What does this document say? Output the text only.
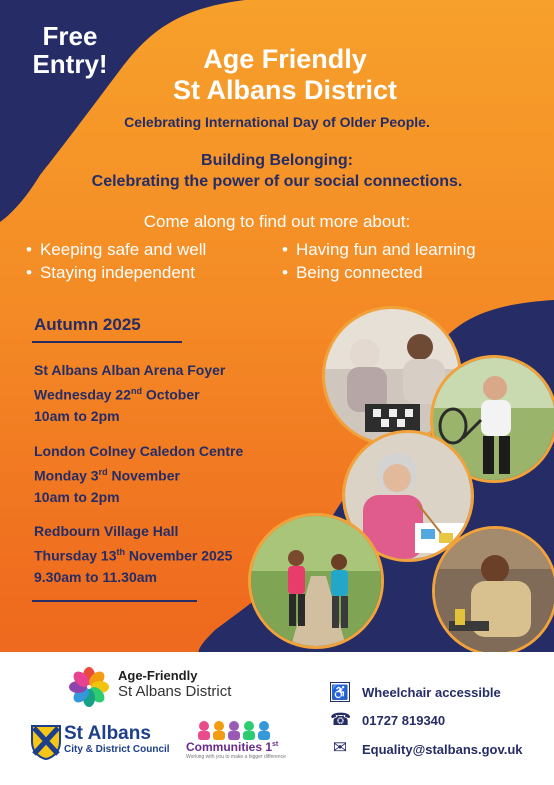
Free
Entry!	Age Friendly
St Albans District
Celebrating International Day of Older People.
Building Belonging:
Celebrating the power of our social connections.
Come along to find out more about:
• Keeping safe and well
• Staying independent
• Having fun and learning
• Being connected
Autumn 2025
St Albans Alban Arena Foyer
Wednesday 22nd October
10am to 2pm
London Colney Caledon Centre
Monday 3rd November
10am to 2pm
Redbourn Village Hall
Thursday 13th November 2025
9.30am to 11.30am
Age-Friendly
St Albans District
St Albans
City & District Council Communities 1st
Working with you to make a bigger difference
♿ Wheelchair accessible
☎ 01727 819340
✉ Equality@stalbans.gov.uk
